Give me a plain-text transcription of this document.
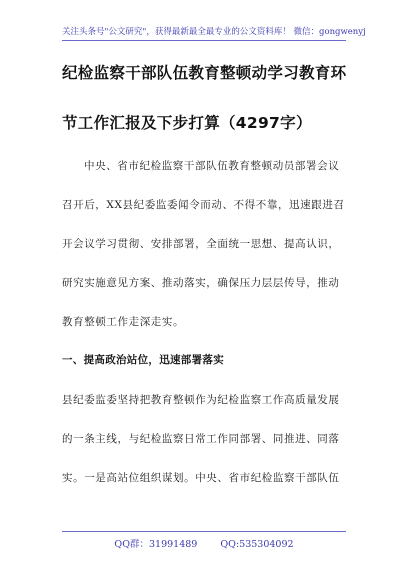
关注头条号"公文研究"，获得最新最全最专业的公文资料库！ 微信：gongwenyj
纪检监察干部队伍教育整顿动学习教育环
节工作汇报及下步打算（4297字）
中央、省市纪检监察干部队伍教育整顿动员部署会议
召开后，XX县纪委监委闻令而动、不得不靠，迅速跟进召
开会议学习贯彻、安排部署，全面统一思想、提高认识，
研究实施意见方案、推动落实，确保压力层层传导，推动
教育整顿工作走深走实。
一、提高政治站位，迅速部署落实
县纪委监委坚持把教育整顿作为纪检监察工作高质量发展
的一条主线，与纪检监察日常工作同部署、同推进、同落
实。一是高站位组织谋划。中央、省市纪检监察干部队伍
QQ群：31991489 QQ:535304092
